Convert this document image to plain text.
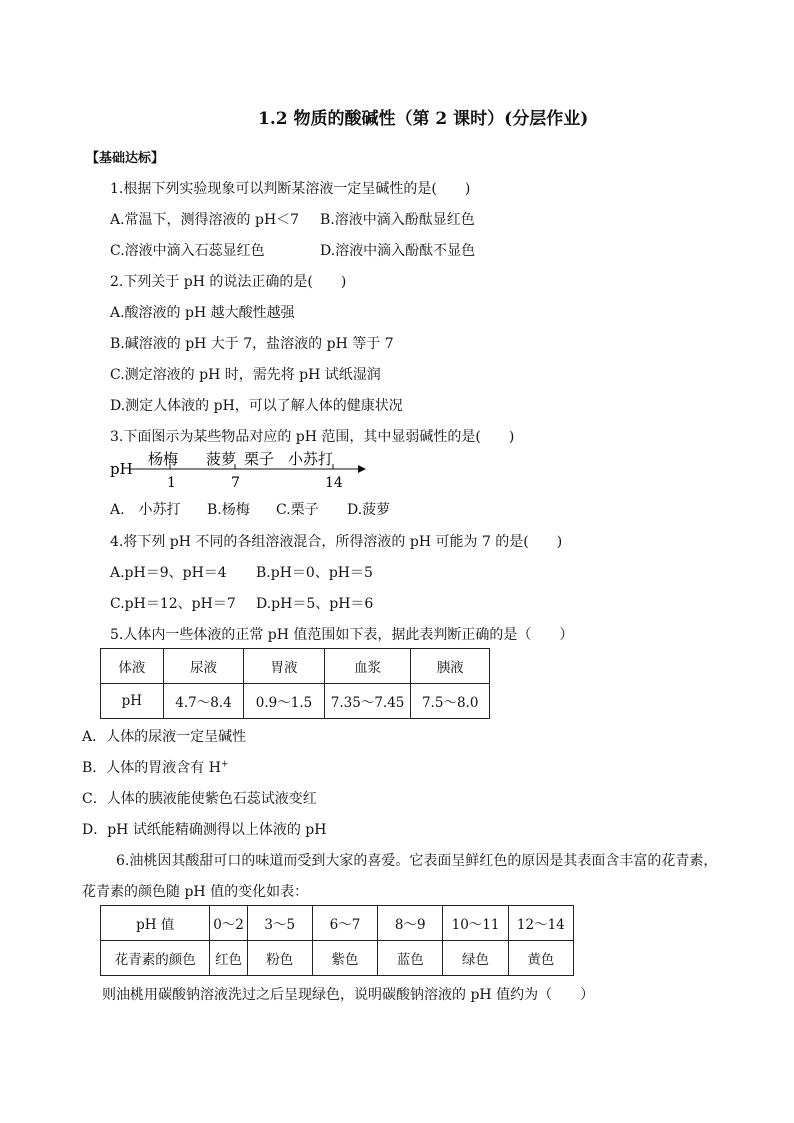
1.2 物质的酸碱性（第 2 课时）(分层作业)
【基础达标】
1.根据下列实验现象可以判断某溶液一定呈碱性的是(　　)
A.常温下，测得溶液的 pH＜7 B.溶液中滴入酚酞显红色
C.溶液中滴入石蕊显红色	D.溶液中滴入酚酞不显色
2.下列关于 pH 的说法正确的是(　　)
A.酸溶液的 pH 越大酸性越强
B.碱溶液的 pH 大于 7，盐溶液的 pH 等于 7
C.测定溶液的 pH 时，需先将 pH 试纸湿润
D.测定人体液的 pH，可以了解人体的健康状况
3.下面图示为某些物品对应的 pH 范围，其中显弱碱性的是(　　)
pH
杨梅 菠萝 栗子 小苏打
1	7	14
A.　小苏打 B.杨梅 C.栗子 D.菠萝
4.将下列 pH 不同的各组溶液混合，所得溶液的 pH 可能为 7 的是(　　)
A.pH＝9、pH＝4 B.pH＝0、pH＝5
C.pH＝12、pH＝7 D.pH＝5、pH＝6
5.人体内一些体液的正常 pH 值范围如下表，据此表判断正确的是（　　）
体液	尿液	胃液	血浆	胰液
pH	4.7～8.4	0.9～1.5	7.35～7.45	7.5～8.0
A．人体的尿液一定呈碱性
B．人体的胃液含有 H+
C．人体的胰液能使紫色石蕊试液变红
D．pH 试纸能精确测得以上体液的 pH
6.油桃因其酸甜可口的味道而受到大家的喜爱。它表面呈鲜红色的原因是其表面含丰富的花青素，
花青素的颜色随 pH 值的变化如表：
pH 值	0～2	3～5	6～7	8～9	10～11	12～14
花青素的颜色	红色	粉色	紫色	蓝色	绿色	黄色
则油桃用碳酸钠溶液洗过之后呈现绿色，说明碳酸钠溶液的 pH 值约为（　　）
